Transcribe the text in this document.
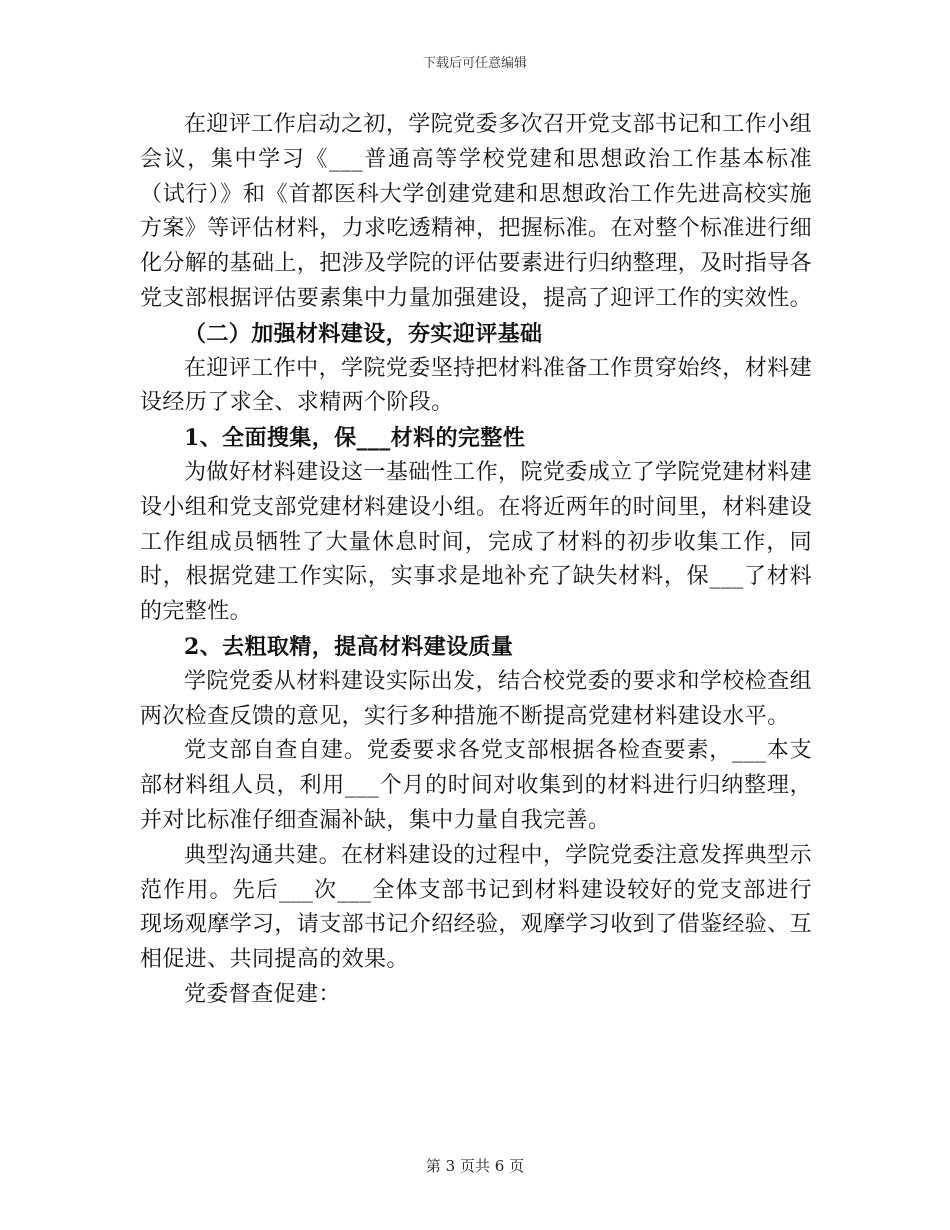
下载后可任意编辑

在迎评工作启动之初，学院党委多次召开党支部书记和工作小组会议，集中学习《___普通高等学校党建和思想政治工作基本标准（试行）》和《首都医科大学创建党建和思想政治工作先进高校实施方案》等评估材料，力求吃透精神，把握标准。在对整个标准进行细化分解的基础上，把涉及学院的评估要素进行归纳整理，及时指导各党支部根据评估要素集中力量加强建设，提高了迎评工作的实效性。

（二）加强材料建设，夯实迎评基础

在迎评工作中，学院党委坚持把材料准备工作贯穿始终，材料建设经历了求全、求精两个阶段。

1、全面搜集，保___材料的完整性

为做好材料建设这一基础性工作，院党委成立了学院党建材料建设小组和党支部党建材料建设小组。在将近两年的时间里，材料建设工作组成员牺牲了大量休息时间，完成了材料的初步收集工作，同时，根据党建工作实际，实事求是地补充了缺失材料，保___了材料的完整性。

2、去粗取精，提高材料建设质量

学院党委从材料建设实际出发，结合校党委的要求和学校检查组两次检查反馈的意见，实行多种措施不断提高党建材料建设水平。

党支部自查自建。党委要求各党支部根据各检查要素，___本支部材料组人员，利用___个月的时间对收集到的材料进行归纳整理，并对比标准仔细查漏补缺，集中力量自我完善。

典型沟通共建。在材料建设的过程中，学院党委注意发挥典型示范作用。先后___次___全体支部书记到材料建设较好的党支部进行现场观摩学习，请支部书记介绍经验，观摩学习收到了借鉴经验、互相促进、共同提高的效果。

党委督查促建：

第 3 页共 6 页
